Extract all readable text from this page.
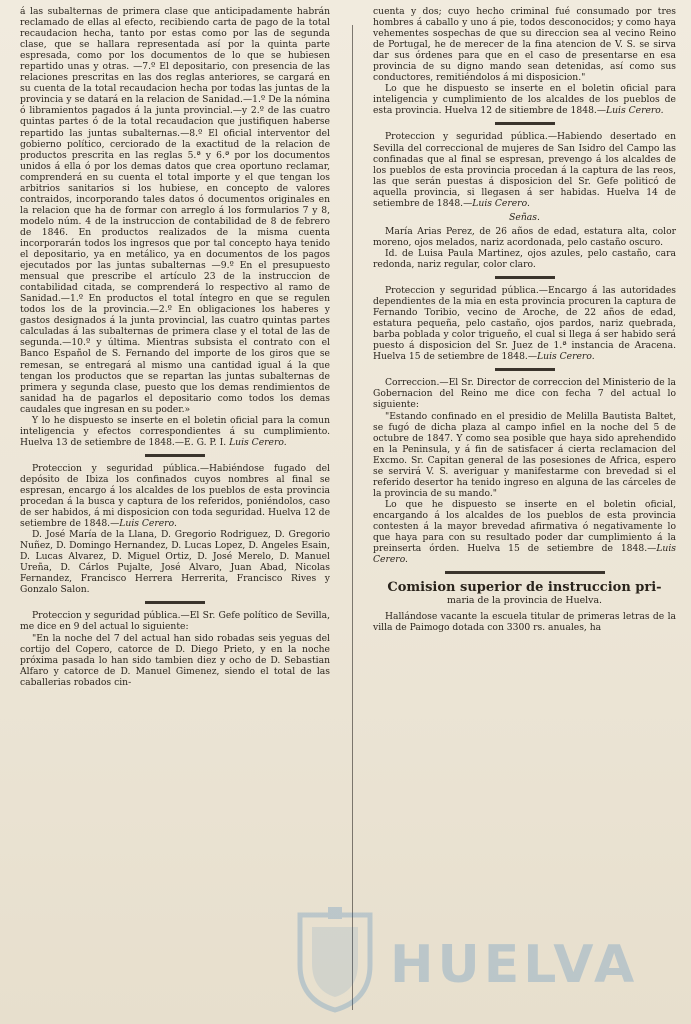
á las subalternas de primera clase que anticipadamente habrán reclamado de ellas al efecto, recibiendo carta de pago de la total recaudacion hecha, tanto por estas como por las de segunda clase, que se hallara representada así por la quinta parte espresada, como por los documentos de lo que se hubiesen repartido unas y otras. —7.º El depositario, con presencia de las relaciones prescritas en las dos reglas anteriores, se cargará en su cuenta de la total recaudacion hecha por todas las juntas de la provincia y se datará en la relacion de Sanidad.—1.º De la nómina ó libramientos pagados á la junta provincial.—y 2.º de las cuatro quintas partes ó de la total recaudacion que justifiquen haberse repartido las juntas subalternas.—8.º El oficial interventor del gobierno político, cerciorado de la exactitud de la relacion de productos prescrita en las reglas 5.ª y 6.ª por los documentos unidos á ella ó por los demas datos que crea oportuno reclamar, comprenderá en su cuenta el total importe y el que tengan los arbitrios sanitarios si los hubiese, en concepto de valores contraidos, incorporando tales datos ó documentos originales en la relacion que ha de formar con arreglo á los formularios 7 y 8, modelo núm. 4 de la instruccion de contabilidad de 8 de febrero de 1846. En productos realizados de la misma cuenta incorporarán todos los ingresos que por tal concepto haya tenido el depositario, ya en metálico, ya en documentos de los pagos ejecutados por las juntas subalternas —9.º En el presupuesto mensual que prescribe el artículo 23 de la instruccion de contabilidad citada, se comprenderá lo respectivo al ramo de Sanidad.—1.º En productos el total íntegro en que se regulen todos los de la provincia.—2.º En obligaciones los haberes y gastos designados á la junta provincial, las cuatro quintas partes calculadas á las subalternas de primera clase y el total de las de segunda.—10.º y última. Mientras subsista el contrato con el Banco Español de S. Fernando del importe de los giros que se remesan, se entregará al mismo una cantidad igual á la que tengan los productos que se repartan las juntas subalternas de primera y segunda clase, puesto que los demas rendimientos de sanidad ha de pagarlos el depositario como todos los demas caudales que ingresan en su poder.»

Y lo he dispuesto se inserte en el boletin oficial para la comun inteligencia y efectos correspondientes á su cumplimiento. Huelva 13 de setiembre de 1848.—E. G. P. I. Luis Cerero.

Proteccion y seguridad pública.—Habiéndose fugado del depósito de Ibiza los confinados cuyos nombres al final se espresan, encargo á los alcaldes de los pueblos de esta provincia procedan á la busca y captura de los referidos, poniéndolos, caso de ser habidos, á mi disposicion con toda seguridad. Huelva 12 de setiembre de 1848.—Luis Cerero.

D. José María de la Llana, D. Gregorio Rodriguez, D. Gregorio Nuñez, D. Domingo Hernandez, D. Lucas Lopez, D. Angeles Esain, D. Lucas Alvarez, D. Miguel Ortiz, D. José Merelo, D. Manuel Ureña, D. Cárlos Pujalte, José Alvaro, Juan Abad, Nicolas Fernandez, Francisco Herrera Herrerita, Francisco Rives y Gonzalo Salon.

Proteccion y seguridad pública.—El Sr. Gefe político de Sevilla, me dice en 9 del actual lo siguiente:

"En la noche del 7 del actual han sido robadas seis yeguas del cortijo del Copero, catorce de D. Diego Prieto, y en la noche próxima pasada lo han sido tambien diez y ocho de D. Sebastian Alfaro y catorce de D. Manuel Gimenez, siendo el total de las caballerias robados cin-

cuenta y dos; cuyo hecho criminal fué consumado por tres hombres á caballo y uno á pie, todos desconocidos; y como haya vehementes sospechas de que su direccion sea al vecino Reino de Portugal, he de merecer de la fina atencion de V. S. se sirva dar sus órdenes para que en el caso de presentarse en esa provincia de su digno mando sean detenidas, así como sus conductores, remitiéndolos á mi disposicion."

Lo que he dispuesto se inserte en el boletin oficial para inteligencia y cumplimiento de los alcaldes de los pueblos de esta provincia. Huelva 12 de sitiembre de 1848.—Luis Cerero.

Proteccion y seguridad pública.—Habiendo desertado en Sevilla del correccional de mujeres de San Isidro del Campo las confinadas que al final se espresan, prevengo á los alcaldes de los pueblos de esta provincia procedan á la captura de las reos, las que serán puestas á disposicion del Sr. Gefe politicó de aquella provincia, si llegasen á ser habidas. Huelva 14 de setiembre de 1848.—Luis Cerero.

Señas.

María Arias Perez, de 26 años de edad, estatura alta, color moreno, ojos melados, nariz acordonada, pelo castaño oscuro.

Id. de Luisa Paula Martinez, ojos azules, pelo castaño, cara redonda, nariz regular, color claro.

Proteccion y seguridad pública.—Encargo á las autoridades dependientes de la mia en esta provincia procuren la captura de Fernando Toribio, vecino de Aroche, de 22 años de edad, estatura pequeña, pelo castaño, ojos pardos, nariz quebrada, barba poblada y color trigueño, el cual si llega á ser habido será puesto á disposicion del Sr. Juez de 1.ª instancia de Aracena. Huelva 15 de setiembre de 1848.—Luis Cerero.

Correccion.—El Sr. Director de correccion del Ministerio de la Gobernacion del Reino me dice con fecha 7 del actual lo siguiente:

"Estando confinado en el presidio de Melilla Bautista Baltet, se fugó de dicha plaza al campo infiel en la noche del 5 de octubre de 1847. Y como sea posible que haya sido aprehendido en la Peninsula, y á fin de satisfacer á cierta reclamacion del Excmo. Sr. Capitan general de las posesiones de Africa, espero se servirá V. S. averiguar y manifestarme con brevedad si el referido desertor ha tenido ingreso en alguna de las cárceles de la provincia de su mando."

Lo que he dispuesto se inserte en el boletin oficial, encargando á los alcaldes de los pueblos de esta provincia contesten á la mayor brevedad afirmativa ó negativamente lo que haya para con su resultado poder dar cumplimiento á la preinserta órden. Huelva 15 de setiembre de 1848.—Luis Cerero.

Comision superior de instruccion pri-

maria de la provincia de Huelva.

Hallándose vacante la escuela titular de primeras letras de la villa de Paimogo dotada con 3300 rs. anuales, ha

HUELVA
